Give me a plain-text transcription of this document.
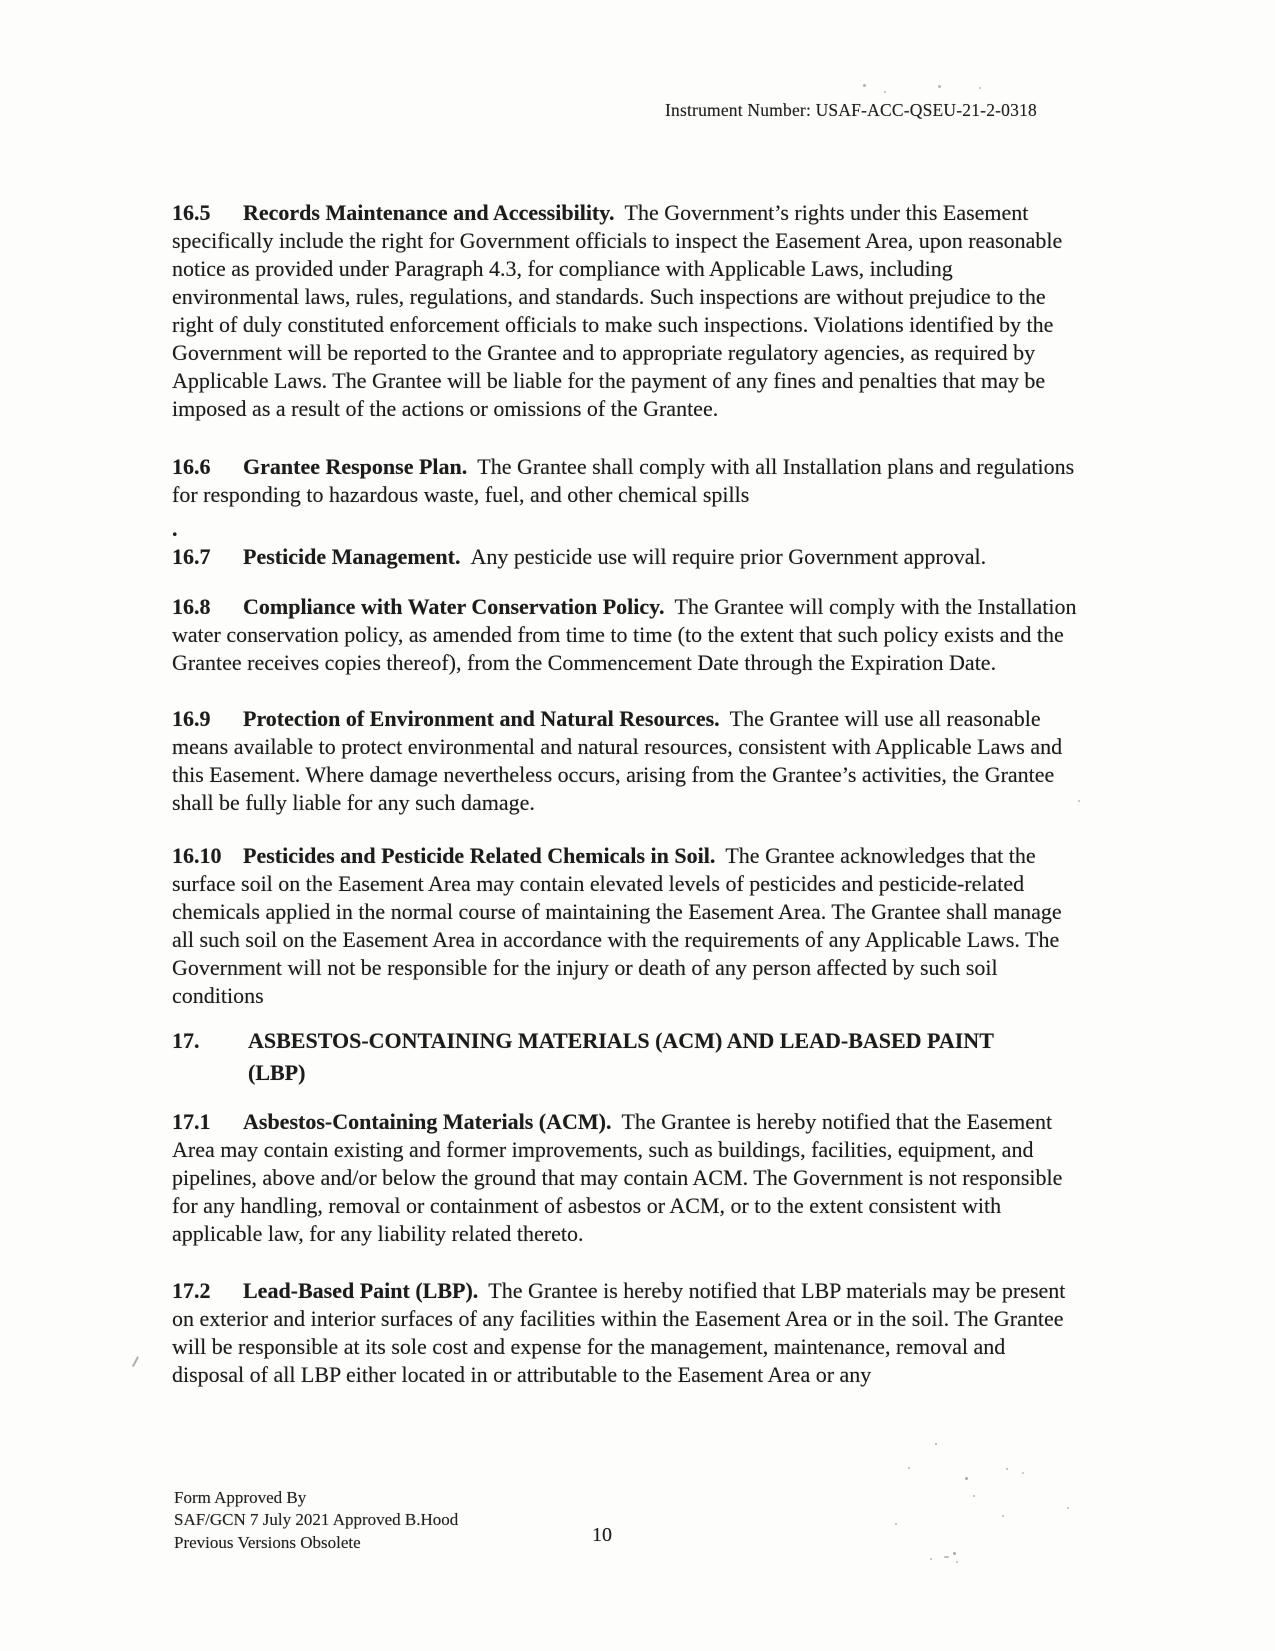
Instrument Number: USAF-ACC-QSEU-21-2-0318

16.5 Records Maintenance and Accessibility. The Government’s rights under this Easement specifically include the right for Government officials to inspect the Easement Area, upon reasonable notice as provided under Paragraph 4.3, for compliance with Applicable Laws, including environmental laws, rules, regulations, and standards. Such inspections are without prejudice to the right of duly constituted enforcement officials to make such inspections. Violations identified by the Government will be reported to the Grantee and to appropriate regulatory agencies, as required by Applicable Laws. The Grantee will be liable for the payment of any fines and penalties that may be imposed as a result of the actions or omissions of the Grantee.

16.6 Grantee Response Plan. The Grantee shall comply with all Installation plans and regulations for responding to hazardous waste, fuel, and other chemical spills

.

16.7 Pesticide Management. Any pesticide use will require prior Government approval.

16.8 Compliance with Water Conservation Policy. The Grantee will comply with the Installation water conservation policy, as amended from time to time (to the extent that such policy exists and the Grantee receives copies thereof), from the Commencement Date through the Expiration Date.

16.9 Protection of Environment and Natural Resources. The Grantee will use all reasonable means available to protect environmental and natural resources, consistent with Applicable Laws and this Easement. Where damage nevertheless occurs, arising from the Grantee’s activities, the Grantee shall be fully liable for any such damage.

16.10 Pesticides and Pesticide Related Chemicals in Soil. The Grantee acknowledges that the surface soil on the Easement Area may contain elevated levels of pesticides and pesticide-related chemicals applied in the normal course of maintaining the Easement Area. The Grantee shall manage all such soil on the Easement Area in accordance with the requirements of any Applicable Laws. The Government will not be responsible for the injury or death of any person affected by such soil conditions

17. ASBESTOS-CONTAINING MATERIALS (ACM) AND LEAD-BASED PAINT
(LBP)

17.1 Asbestos-Containing Materials (ACM). The Grantee is hereby notified that the Easement Area may contain existing and former improvements, such as buildings, facilities, equipment, and pipelines, above and/or below the ground that may contain ACM. The Government is not responsible for any handling, removal or containment of asbestos or ACM, or to the extent consistent with applicable law, for any liability related thereto.

17.2 Lead-Based Paint (LBP). The Grantee is hereby notified that LBP materials may be present on exterior and interior surfaces of any facilities within the Easement Area or in the soil. The Grantee will be responsible at its sole cost and expense for the management, maintenance, removal and disposal of all LBP either located in or attributable to the Easement Area or any

Form Approved By
SAF/GCN 7 July 2021 Approved B.Hood
Previous Versions Obsolete	10
